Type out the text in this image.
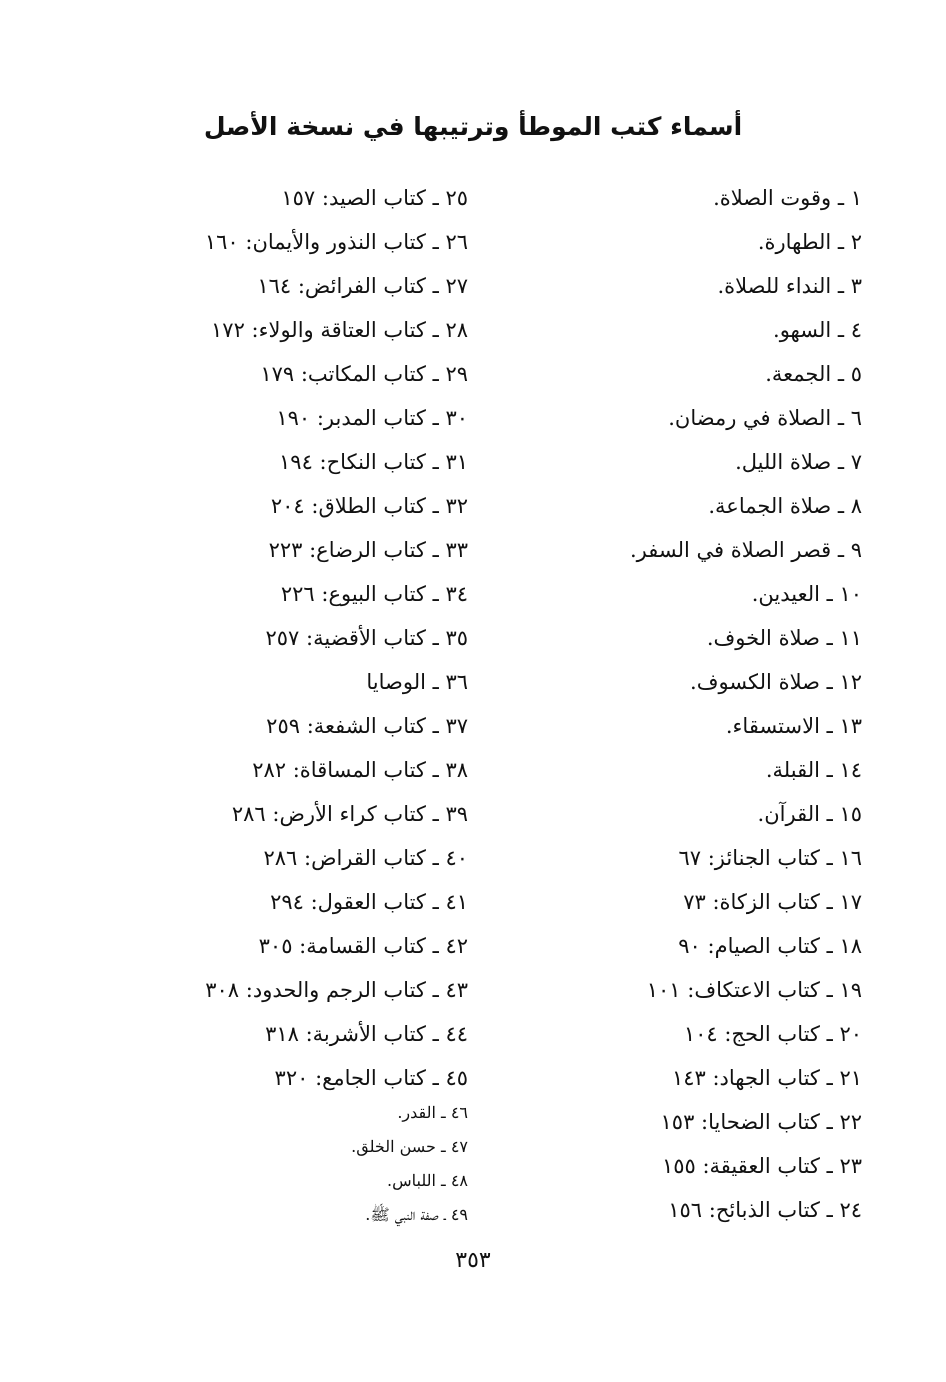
أسماء كتب الموطأ وترتيبها في نسخة الأصل
١ ـ وقوت الصلاة.
٢ ـ الطهارة.
٣ ـ النداء للصلاة.
٤ ـ السهو.
٥ ـ الجمعة.
٦ ـ الصلاة في رمضان.
٧ ـ صلاة الليل.
٨ ـ صلاة الجماعة.
٩ ـ قصر الصلاة في السفر.
١٠ ـ العيدين.
١١ ـ صلاة الخوف.
١٢ ـ صلاة الكسوف.
١٣ ـ الاستسقاء.
١٤ ـ القبلة.
١٥ ـ القرآن.
١٦ ـ كتاب الجنائز: ٦٧
١٧ ـ كتاب الزكاة: ٧٣
١٨ ـ كتاب الصيام: ٩٠
١٩ ـ كتاب الاعتكاف: ١٠١
٢٠ ـ كتاب الحج: ١٠٤
٢١ ـ كتاب الجهاد: ١٤٣
٢٢ ـ كتاب الضحايا: ١٥٣
٢٣ ـ كتاب العقيقة: ١٥٥
٢٤ ـ كتاب الذبائح: ١٥٦
٢٥ ـ كتاب الصيد: ١٥٧
٢٦ ـ كتاب النذور والأيمان: ١٦٠
٢٧ ـ كتاب الفرائض: ١٦٤
٢٨ ـ كتاب العتاقة والولاء: ١٧٢
٢٩ ـ كتاب المكاتب: ١٧٩
٣٠ ـ كتاب المدبر: ١٩٠
٣١ ـ كتاب النكاح: ١٩٤
٣٢ ـ كتاب الطلاق: ٢٠٤
٣٣ ـ كتاب الرضاع: ٢٢٣
٣٤ ـ كتاب البيوع: ٢٢٦
٣٥ ـ كتاب الأقضية: ٢٥٧
٣٦ ـ الوصايا
٣٧ ـ كتاب الشفعة: ٢٥٩
٣٨ ـ كتاب المساقاة: ٢٨٢
٣٩ ـ كتاب كراء الأرض: ٢٨٦
٤٠ ـ كتاب القراض: ٢٨٦
٤١ ـ كتاب العقول: ٢٩٤
٤٢ ـ كتاب القسامة: ٣٠٥
٤٣ ـ كتاب الرجم والحدود: ٣٠٨
٤٤ ـ كتاب الأشربة: ٣١٨
٤٥ ـ كتاب الجامع: ٣٢٠
٤٦ ـ القدر.
٤٧ ـ حسن الخلق.
٤٨ ـ اللباس.
٤٩ ـ صفة النبي ﷺ.
٣٥٣
